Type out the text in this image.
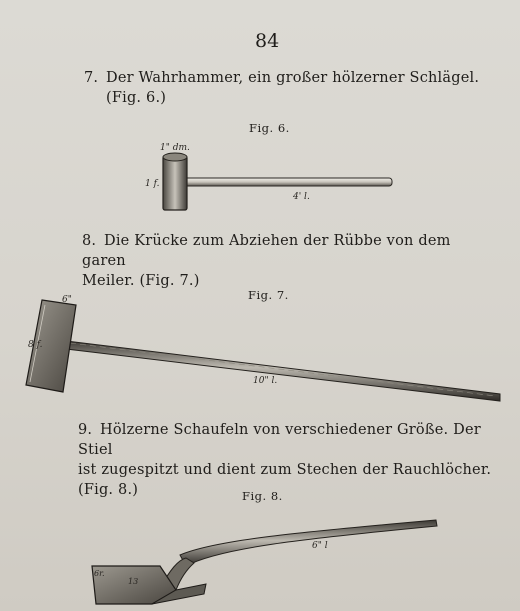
84
7. Der Wahrhammer, ein großer hölzerner Schlägel.
(Fig. 6.)
Fig. 6.
1" dm.
1 f.
4' l.
8. Die Krücke zum Abziehen der Rübbe von dem garen
Meiler. (Fig. 7.)
Fig. 7.
6"
8 f.
10" l.
9. Hölzerne Schaufeln von verschiedener Größe. Der Stiel
ist zugespitzt und dient zum Stechen der Rauchlöcher.
(Fig. 8.)	Fig. 8.
6r.
13
6" l
